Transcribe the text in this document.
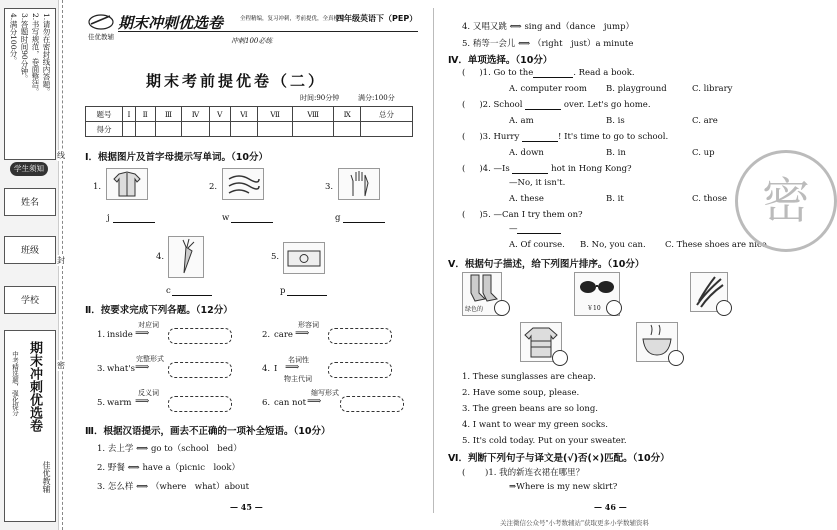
1.请勿在密封线内答题。
2.书写规范，卷面整洁。
3.答题时间90分钟。
4.满分100分。
学生须知
姓名
班级
学校
期末冲刺优选卷
中考精选题，强化提分
佳优教辅
线
封
密
佳优教辅
期末冲刺优选卷	全程精编，复习冲刺，考前提优，全真模拟
四年级英语下（PEP）
冲刺100必练
期末考前提优卷（二）
时间:90分钟	满分:100分
题号	Ⅰ	Ⅱ	Ⅲ	Ⅳ	Ⅴ	Ⅵ	Ⅶ	Ⅷ	Ⅸ	总分
得分										
Ⅰ．根据图片及首字母提示写单词。（10分）
1.
j
2.
w
3.
g
4.
c
5.
p
Ⅱ．按要求完成下列各题。（12分）
1. inside
对应词
⟹	2. care
形容词
⟹
3. what's
完整形式
⟹	4. I
名词性
⟹
物主代词
5. warm
反义词
⟹	6. can not
缩写形式
⟹
Ⅲ．根据汉语提示，画去不正确的一项补全短语。（10分）
1. 去上学 ⟺ go to（school　bed）
2. 野餐 ⟺ have a（picnic　look）
3. 怎么样 ⟺ （where　what）about
— 45 —
4. 又唱又跳 ⟺ sing and（dance　jump）
5. 稍等一会儿 ⟺ （right　just）a minute
Ⅳ．单项选择。（10分）
( )1. Go to the	. Read a book.
A. computer room B. playground	C. library
( )2. School	over. Let's go home.
A. am	B. is	C. are
( )3. Hurry	! It's time to go to school.
A. down	B. in	C. up
( )4. —Is	hot in Hong Kong?
—No, it isn't.
A. these	B. it	C. those
( )5. —Can I try them on?
—
A. Of course. B. No, you can. C. These shoes are nice.
Ⅴ．根据句子描述，给下列图片排序。（10分）
绿色的	￥10
1. These sunglasses are cheap.
2. Have some soup, please.
3. The green beans are so long.
4. I want to wear my green socks.
5. It's cold today. Put on your sweater.
Ⅵ．判断下列句子与译文是(√)否(×)匹配。（10分）
( 　　)1. 我的新连衣裙在哪里？
⇒Where is my new skirt?
— 46 —
关注微信公众号"小考数辅站"获取更多小学数辅资料
密
